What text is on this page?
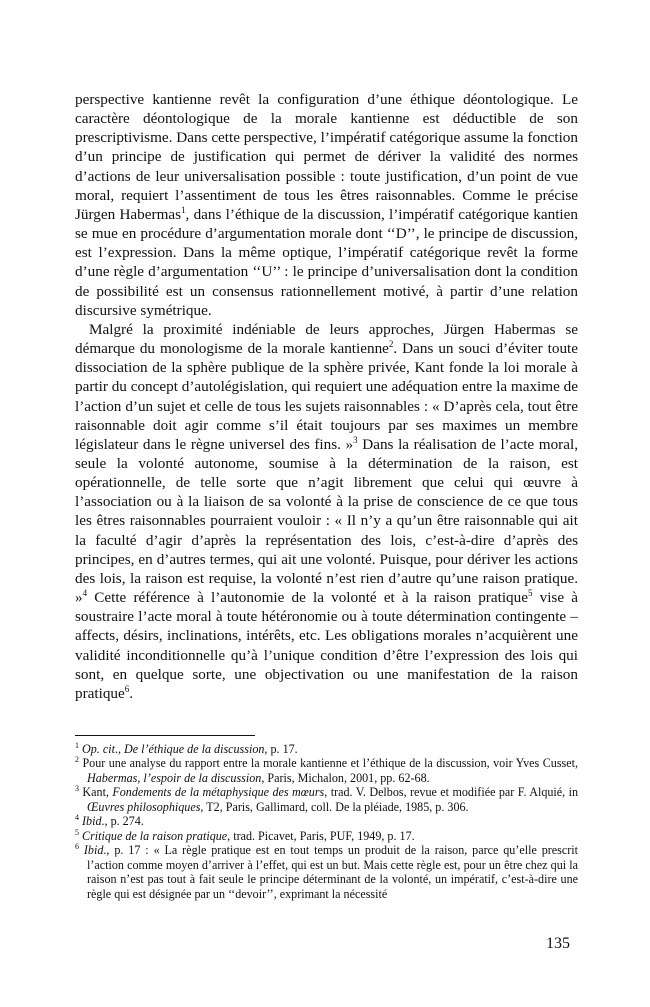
perspective kantienne revêt la configuration d’une éthique déontologique. Le caractère déontologique de la morale kantienne est déductible de son prescriptivisme. Dans cette perspective, l’impératif catégorique assume la fonction d’un principe de justification qui permet de dériver la validité des normes d’actions de leur universalisation possible : toute justification, d’un point de vue moral, requiert l’assentiment de tous les êtres raisonnables. Comme le précise Jürgen Habermas$^1$, dans l’éthique de la discussion, l’impératif catégorique kantien se mue en procédure d’argumentation morale dont ‘‘D’’, le principe de discussion, est l’expression. Dans la même optique, l’impératif catégorique revêt la forme d’une règle d’argumentation ‘‘U’’ : le principe d’universalisation dont la condition de possibilité est un consensus rationnellement motivé, à partir d’une relation discursive symétrique.

Malgré la proximité indéniable de leurs approches, Jürgen Habermas se démarque du monologisme de la morale kantienne$^2$. Dans un souci d’éviter toute dissociation de la sphère publique de la sphère privée, Kant fonde la loi morale à partir du concept d’autolégislation, qui requiert une adéquation entre la maxime de l’action d’un sujet et celle de tous les sujets raisonnables : « D’après cela, tout être raisonnable doit agir comme s’il était toujours par ses maximes un membre législateur dans le règne universel des fins. »$^3$ Dans la réalisation de l’acte moral, seule la volonté autonome, soumise à la détermination de la raison, est opérationnelle, de telle sorte que n’agit librement que celui qui œuvre à l’association ou à la liaison de sa volonté à la prise de conscience de ce que tous les êtres raisonnables pourraient vouloir : « Il n’y a qu’un être raisonnable qui ait la faculté d’agir d’après la représentation des lois, c’est-à-dire d’après des principes, en d’autres termes, qui ait une volonté. Puisque, pour dériver les actions des lois, la raison est requise, la volonté n’est rien d’autre qu’une raison pratique. »$^4$ Cette référence à l’autonomie de la volonté et à la raison pratique$^5$ vise à soustraire l’acte moral à toute hétéronomie ou à toute détermination contingente – affects, désirs, inclinations, intérêts, etc. Les obligations morales n’acquièrent une validité inconditionnelle qu’à l’unique condition d’être l’expression des lois qui sont, en quelque sorte, une objectivation ou une manifestation de la raison pratique$^6$.

$^1$ Op. cit., De l’éthique de la discussion, p. 17.

$^2$ Pour une analyse du rapport entre la morale kantienne et l’éthique de la discussion, voir Yves Cusset, Habermas, l’espoir de la discussion, Paris, Michalon, 2001, pp. 62-68.

$^3$ Kant, Fondements de la métaphysique des mœurs, trad. V. Delbos, revue et modifiée par F. Alquié, in Œuvres philosophiques, T2, Paris, Gallimard, coll. De la pléiade, 1985, p. 306.

$^4$ Ibid., p. 274.

$^5$ Critique de la raison pratique, trad. Picavet, Paris, PUF, 1949, p. 17.

$^6$ Ibid., p. 17 : « La règle pratique est en tout temps un produit de la raison, parce qu’elle prescrit l’action comme moyen d’arriver à l’effet, qui est un but. Mais cette règle est, pour un être chez qui la raison n’est pas tout à fait seule le principe déterminant de la volonté, un impératif, c’est-à-dire une règle qui est désignée par un ‘‘devoir’’, exprimant la nécessité

135
